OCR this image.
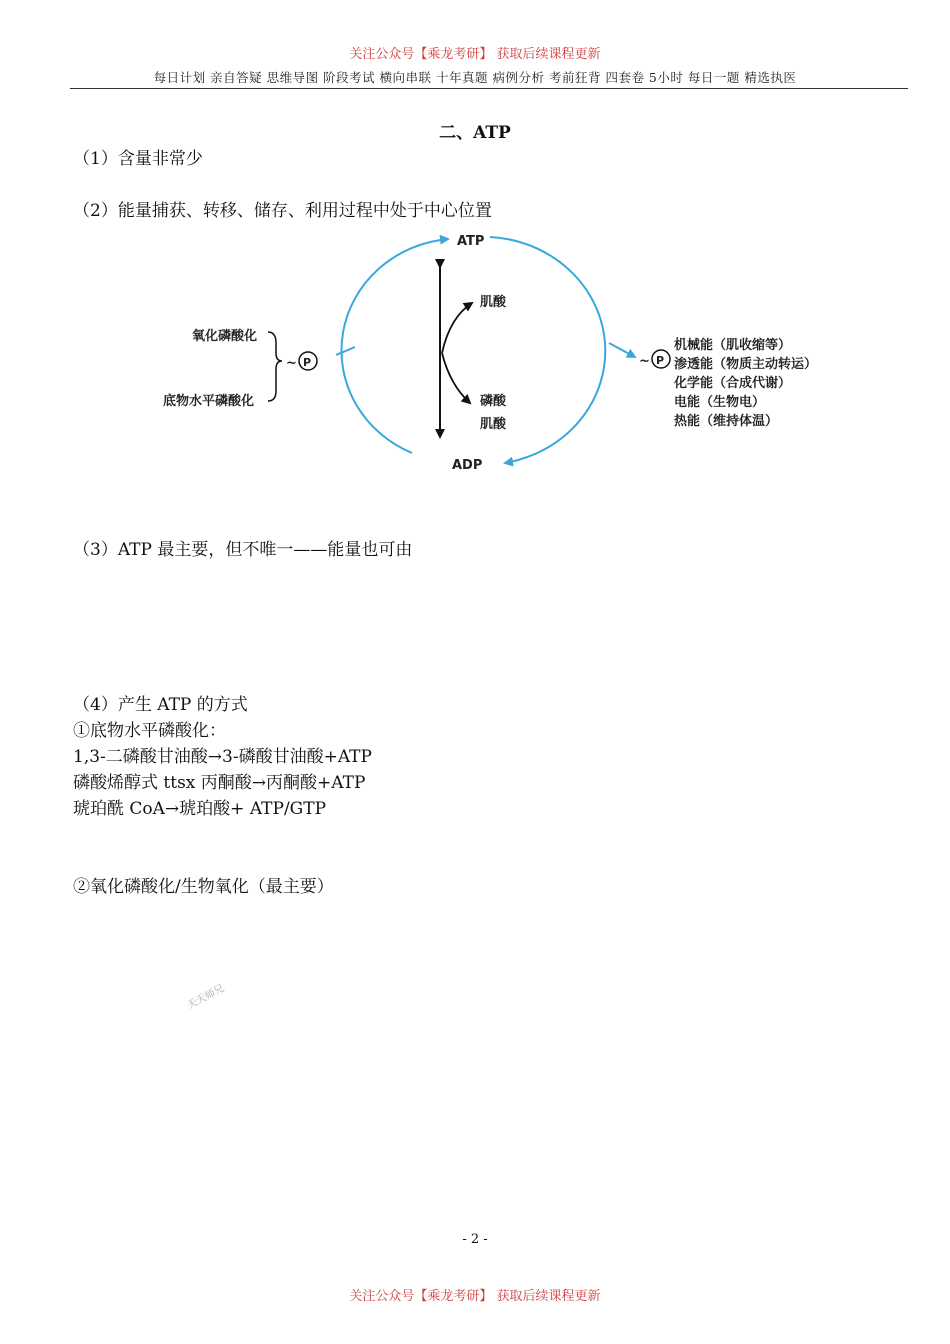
关注公众号【乘龙考研】 获取后续课程更新
每日计划 亲自答疑 思维导图 阶段考试 横向串联 十年真题 病例分析 考前狂背 四套卷 5小时 每日一题 精选执医
二、ATP
（1）含量非常少
（2）能量捕获、转移、储存、利用过程中处于中心位置
ATP
ADP
肌酸
磷酸
肌酸
氧化磷酸化
底物水平磷酸化
~ P	~ P
机械能（肌收缩等）
渗透能（物质主动转运）
化学能（合成代谢）
电能（生物电）
热能（维持体温）
（3）ATP 最主要，但不唯一——能量也可由
（4）产生 ATP 的方式
①底物水平磷酸化：
1,3-二磷酸甘油酸→3-磷酸甘油酸+ATP
磷酸烯醇式 ttsx 丙酮酸→丙酮酸+ATP
琥珀酰 CoA→琥珀酸+ ATP/GTP
②氧化磷酸化/生物氧化（最主要）
天天师兄
- 2 -
关注公众号【乘龙考研】 获取后续课程更新
